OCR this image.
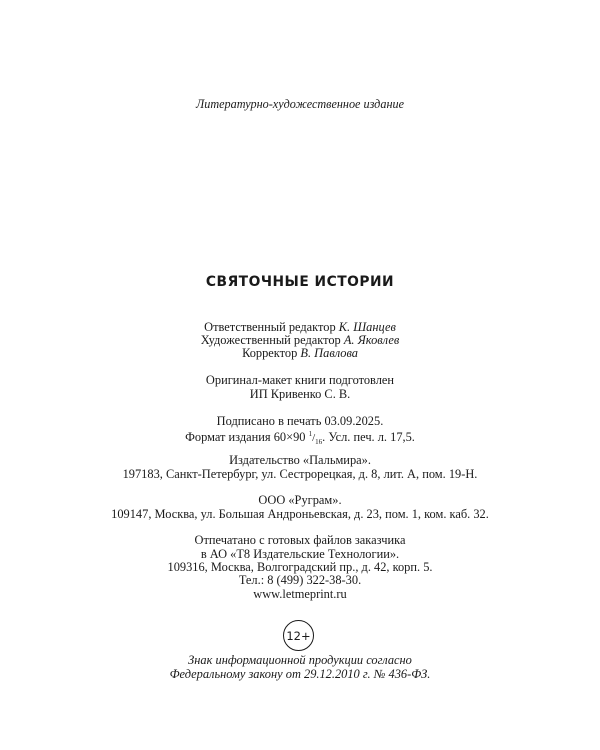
Литературно-художественное издание
СВЯТОЧНЫЕ ИСТОРИИ
Ответственный редактор К. Шанцев
Художественный редактор А. Яковлев
Корректор В. Павлова
Оригинал-макет книги подготовлен
ИП Кривенко С. В.
Подписано в печать 03.09.2025.
Формат издания 60×90 $^1/_{16}$. Усл. печ. л. 17,5.
Издательство «Пальмира».
197183, Санкт-Петербург, ул. Сестрорецкая, д. 8, лит. А, пом. 19-Н.
ООО «Руграм».
109147, Москва, ул. Большая Андроньевская, д. 23, пом. 1, ком. каб. 32.
Отпечатано с готовых файлов заказчика
в АО «Т8 Издательские Технологии».
109316, Москва, Волгоградский пр., д. 42, корп. 5.
Тел.: 8 (499) 322-38-30.
www.letmeprint.ru
12+
Знак информационной продукции согласно
Федеральному закону от 29.12.2010 г. № 436-ФЗ.
